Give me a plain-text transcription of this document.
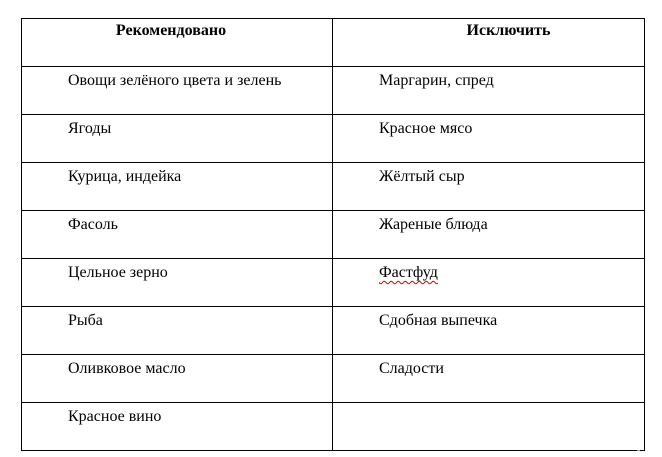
Рекомендовано	Исключить

Овощи зелёного цвета и зелень	Маргарин, спред

Ягоды	Красное мясо

Курица, индейка	Жёлтый сыр

Фасоль	Жареные блюда

Цельное зерно	Фастфуд

Рыба	Сдобная выпечка

Оливковое масло	Сладости

Красное вино	
